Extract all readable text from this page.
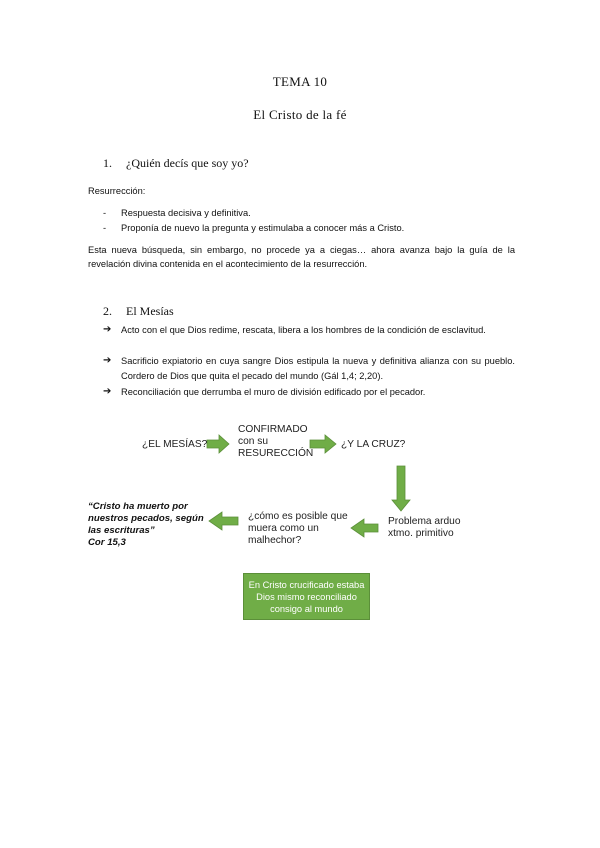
TEMA 10
El Cristo de la fé
1. ¿Quién decís que soy yo?
Resurrección:
- Respuesta decisiva y definitiva.
- Proponía de nuevo la pregunta y estimulaba a conocer más a Cristo.
Esta nueva búsqueda, sin embargo, no procede ya a ciegas… ahora avanza bajo la guía de la revelación divina contenida en el acontecimiento de la resurrección.
2. El Mesías
➔ Acto con el que Dios redime, rescata, libera a los hombres de la condición de esclavitud.
➔ Sacrificio expiatorio en cuya sangre Dios estipula la nueva y definitiva alianza con su pueblo. Cordero de Dios que quita el pecado del mundo (Gál 1,4; 2,20).
➔ Reconciliación que derrumba el muro de división edificado por el pecador.
¿EL MESÍAS?
CONFIRMADO con su RESURECCIÓN
¿Y LA CRUZ?
Problema arduo xtmo. primitivo
¿cómo es posible que muera como un malhechor?
“Cristo ha muerto por nuestros pecados, según las escrituras”
Cor 15,3
En Cristo crucificado estaba Dios mismo reconciliado consigo al mundo
